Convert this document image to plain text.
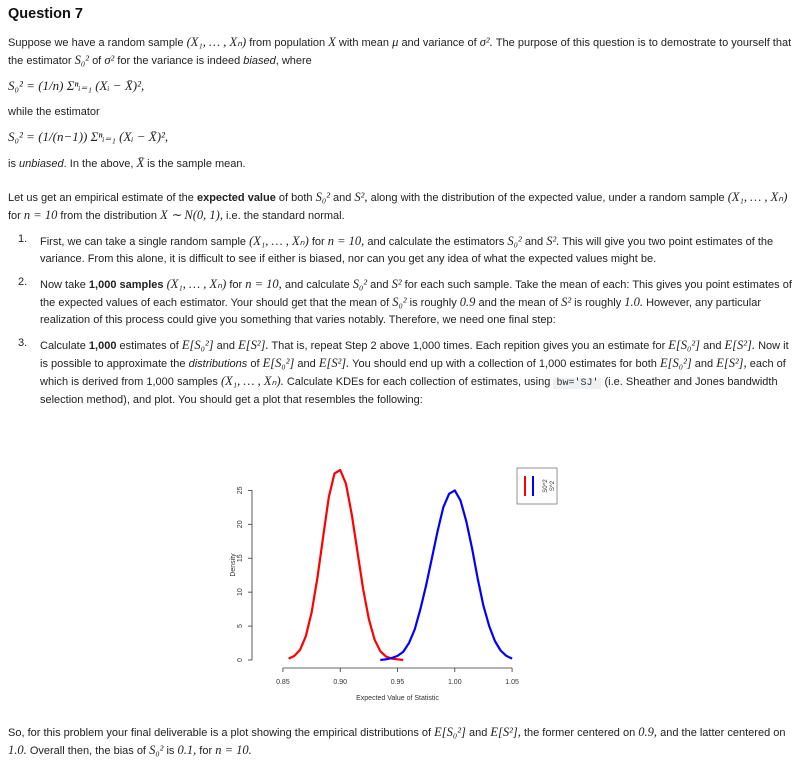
Question 7

Suppose we have a random sample (X₁, … , Xₙ) from population X with mean μ and variance of σ². The purpose of this question is to demostrate to yourself that the estimator S₀² of σ² for the variance is indeed biased, where

S₀² = (1/n) Σⁿᵢ₌₁ (Xᵢ − X̄)²,

while the estimator

S₀² = (1/(n−1)) Σⁿᵢ₌₁ (Xᵢ − X̄)²,

is unbiased. In the above, X̄ is the sample mean.

Let us get an empirical estimate of the expected value of both S₀² and S², along with the distribution of the expected value, under a random sample (X₁, … , Xₙ) for n = 10 from the distribution X ∼ N(0, 1), i.e. the standard normal.

1. First, we can take a single random sample (X₁, … , Xₙ) for n = 10, and calculate the estimators S₀² and S². This will give you two point estimates of the variance. From this alone, it is difficult to see if either is biased, nor can you get any idea of what the expected values might be.

2. Now take 1,000 samples (X₁, … , Xₙ) for n = 10, and calculate S₀² and S² for each such sample. Take the mean of each: This gives you point estimates of the expected values of each estimator. Your should get that the mean of S₀² is roughly 0.9 and the mean of S² is roughly 1.0. However, any particular realization of this process could give you something that varies notably. Therefore, we need one final step:

3. Calculate 1,000 estimates of E[S₀²] and E[S²]. That is, repeat Step 2 above 1,000 times. Each repition gives you an estimate for E[S₀²] and E[S²]. Now it is possible to approximate the distributions of E[S₀²] and E[S²]. You should end up with a collection of 1,000 estimates for both E[S₀²] and E[S²], each of which is derived from 1,000 samples (X₁, … , Xₙ). Calculate KDEs for each collection of estimates, using bw='SJ' (i.e. Sheather and Jones bandwidth selection method), and plot. You should get a plot that resembles the following:

0.85	0.90	0.95	1.00	1.05
0
5
10
15
20
25
Expected Value of Statistic
Density
S0^2 S^2

So, for this problem your final deliverable is a plot showing the empirical distributions of E[S₀²] and E[S²], the former centered on 0.9, and the latter centered on 1.0. Overall then, the bias of S₀² is 0.1, for n = 10.
